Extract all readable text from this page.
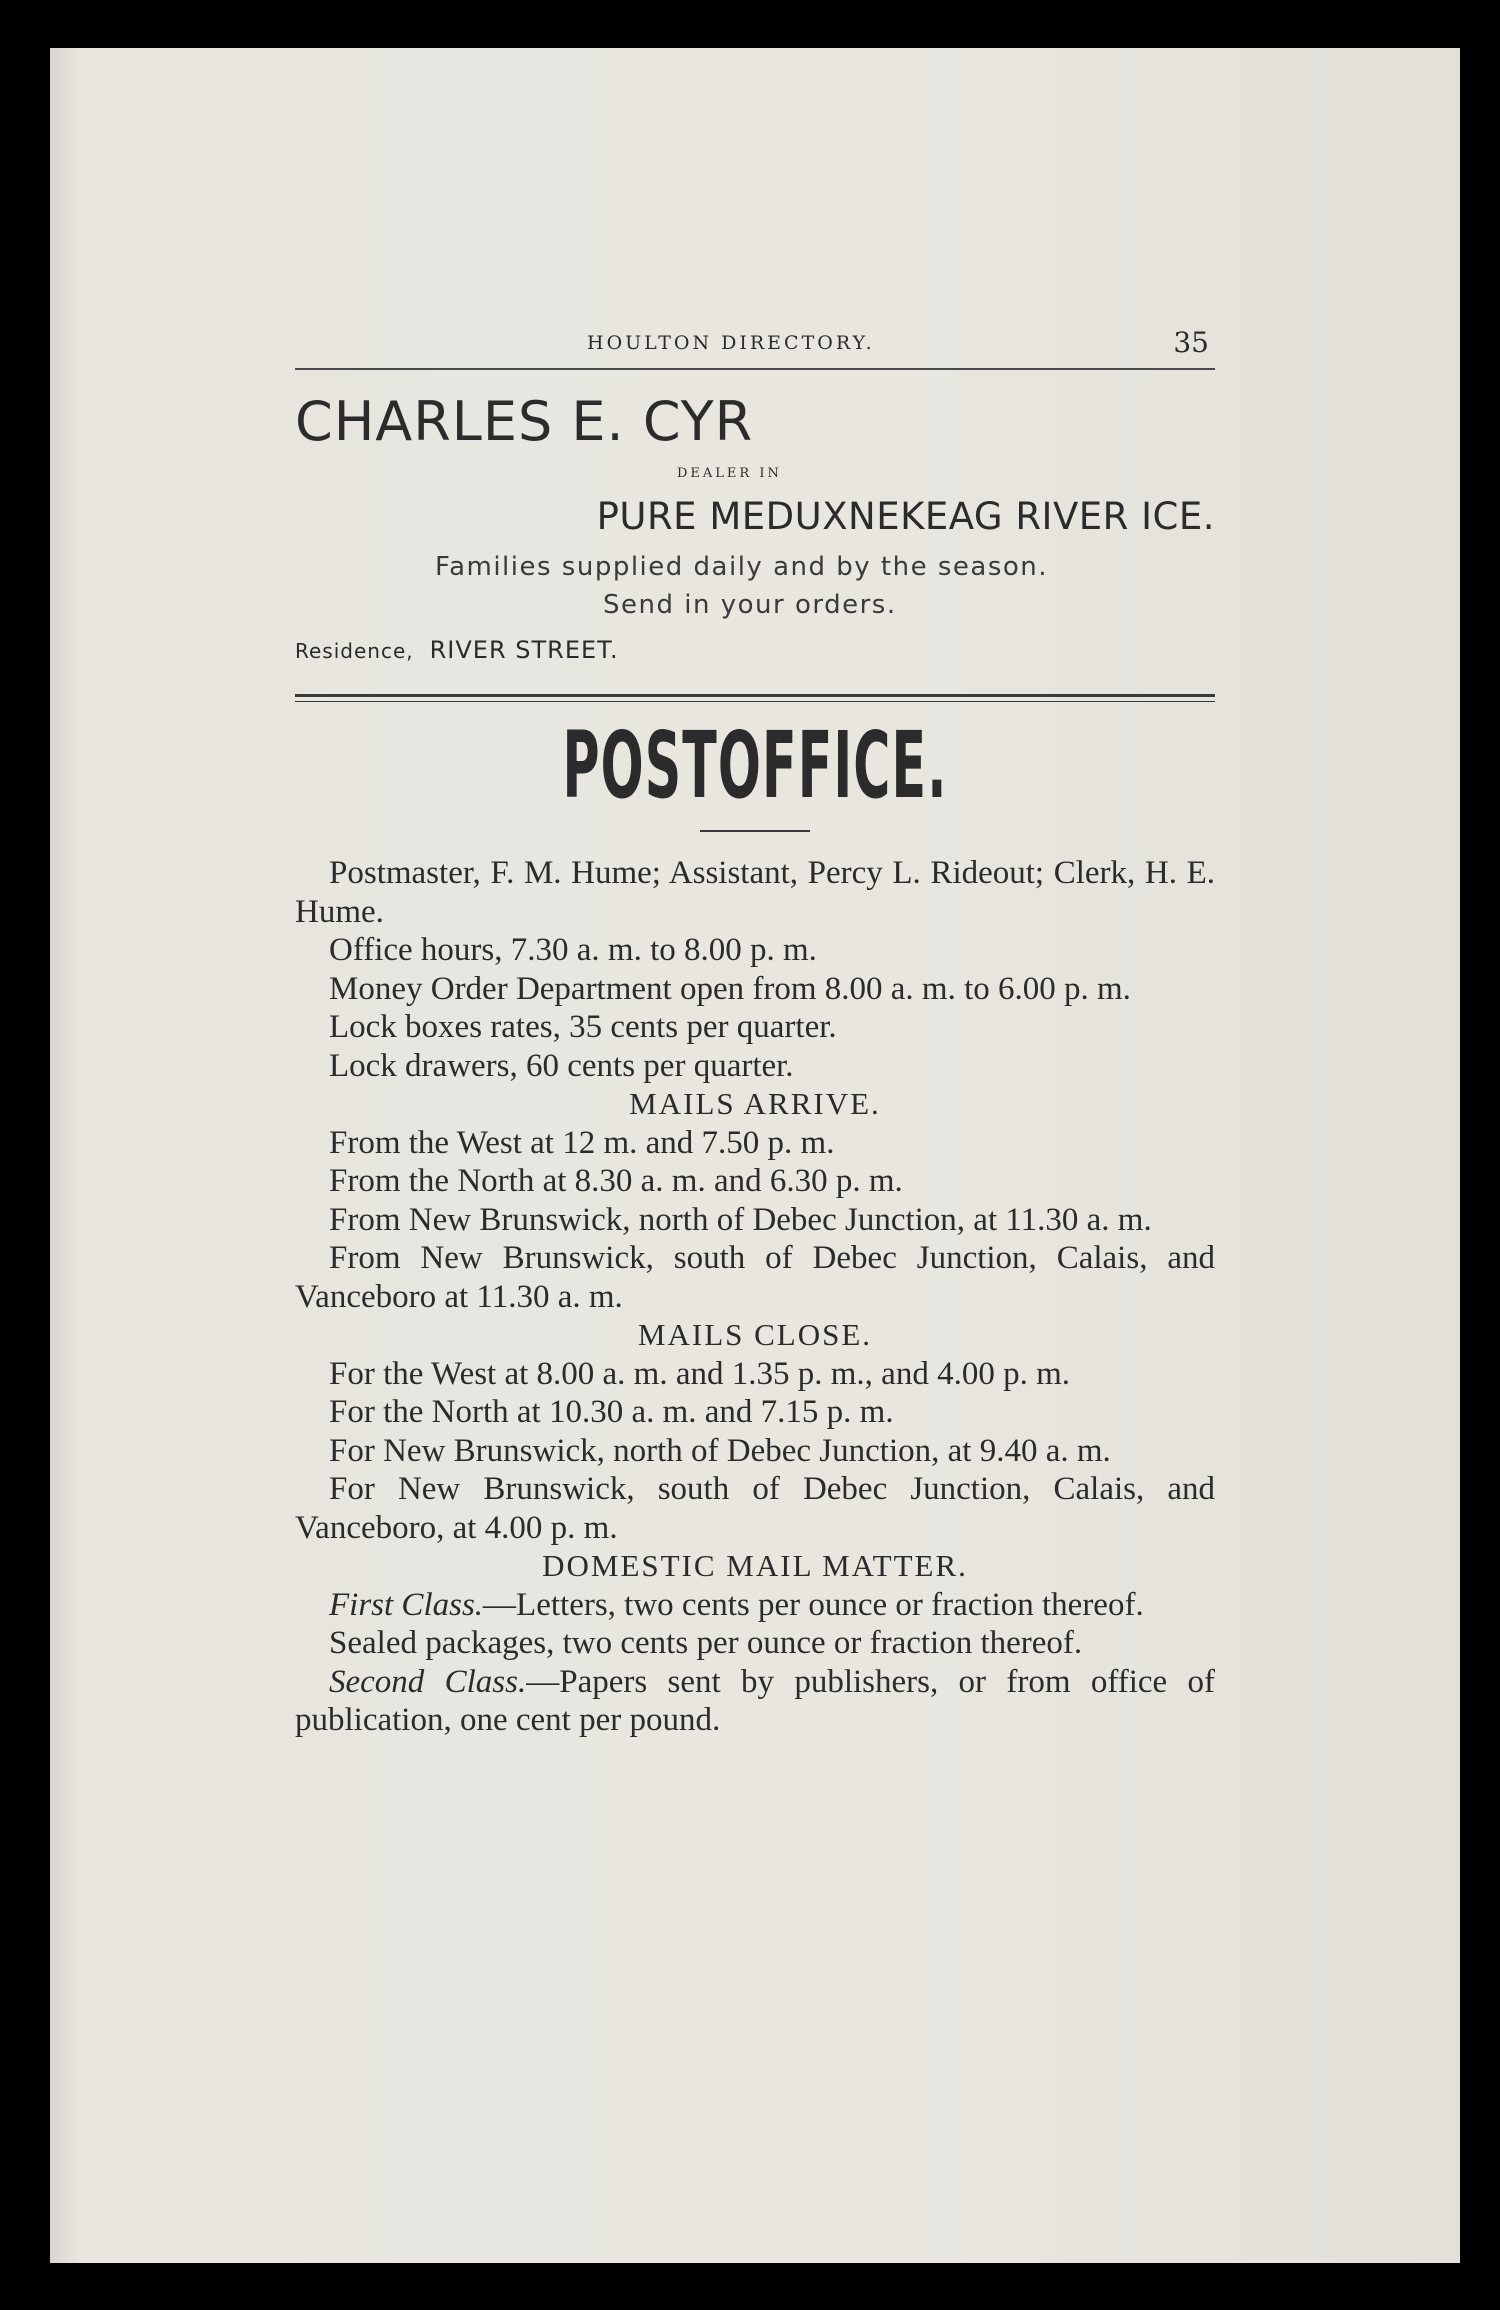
HOULTON DIRECTORY.	35
CHARLES E. CYR
DEALER IN
PURE MEDUXNEKEAG RIVER ICE.
Families supplied daily and by the season.
Send in your orders.
Residence, RIVER STREET.
POSTOFFICE.
Postmaster, F. M. Hume; Assistant, Percy L. Rideout; Clerk, H. E. Hume.
Office hours, 7.30 a. m. to 8.00 p. m.
Money Order Department open from 8.00 a. m. to 6.00 p. m.
Lock boxes rates, 35 cents per quarter.
Lock drawers, 60 cents per quarter.
MAILS ARRIVE.
From the West at 12 m. and 7.50 p. m.
From the North at 8.30 a. m. and 6.30 p. m.
From New Brunswick, north of Debec Junction, at 11.30 a. m.
From New Brunswick, south of Debec Junction, Calais, and Vanceboro at 11.30 a. m.
MAILS CLOSE.
For the West at 8.00 a. m. and 1.35 p. m., and 4.00 p. m.
For the North at 10.30 a. m. and 7.15 p. m.
For New Brunswick, north of Debec Junction, at 9.40 a. m.
For New Brunswick, south of Debec Junction, Calais, and Vanceboro, at 4.00 p. m.
DOMESTIC MAIL MATTER.
First Class.—Letters, two cents per ounce or fraction thereof.
Sealed packages, two cents per ounce or fraction thereof.
Second Class.—Papers sent by publishers, or from office of publication, one cent per pound.
